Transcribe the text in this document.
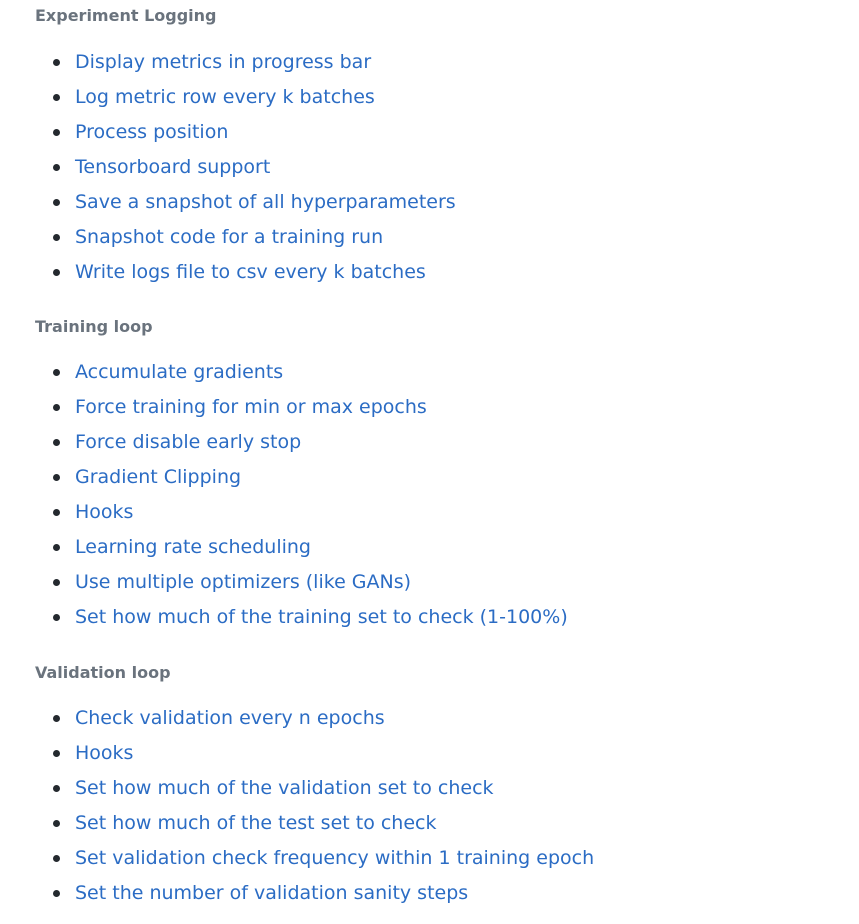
Experiment Logging
Display metrics in progress bar
Log metric row every k batches
Process position
Tensorboard support
Save a snapshot of all hyperparameters
Snapshot code for a training run
Write logs file to csv every k batches
Training loop
Accumulate gradients
Force training for min or max epochs
Force disable early stop
Gradient Clipping
Hooks
Learning rate scheduling
Use multiple optimizers (like GANs)
Set how much of the training set to check (1-100%)
Validation loop
Check validation every n epochs
Hooks
Set how much of the validation set to check
Set how much of the test set to check
Set validation check frequency within 1 training epoch
Set the number of validation sanity steps
